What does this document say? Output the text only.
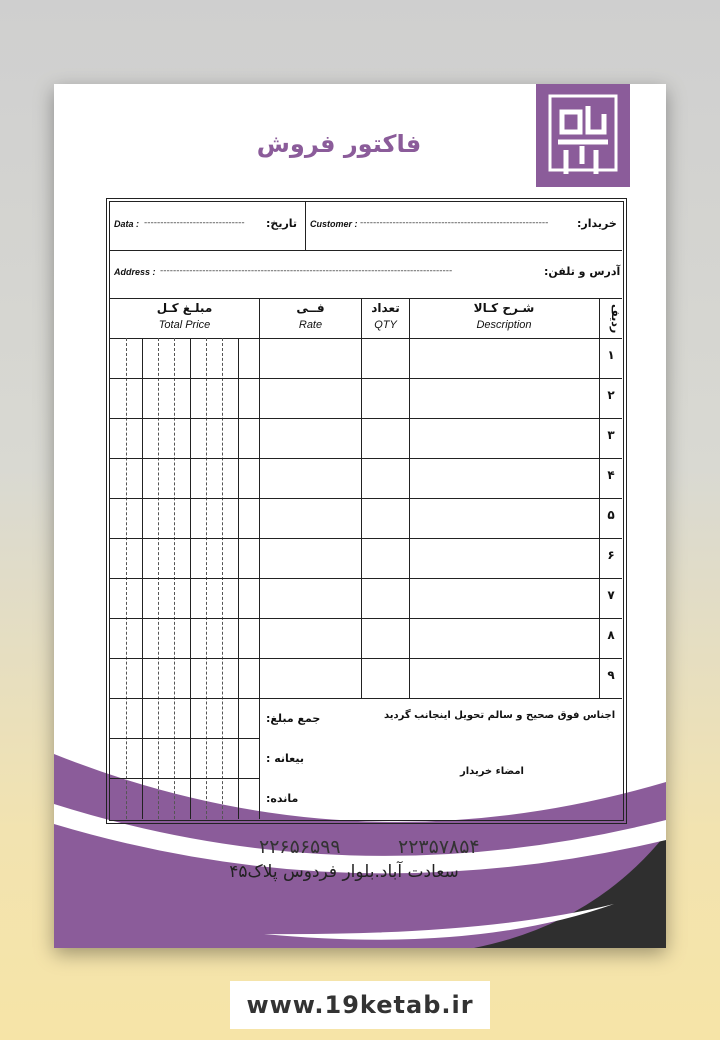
فاکتور فروش
خریدار:
Customer : ----------------------------------------------------------
تاریخ:
Data : -------------------------------
آدرس و تلفن:
Address : ------------------------------------------------------------------------------------------
ردیف
شـرح کـالا
Description
تعداد
QTY
فــی
Rate
مبلـغ کـل
Total Price
۱
۲
۳
۴
۵
۶
۷
۸
۹
اجناس فوق صحیح و سالم تحویل اینجانب گردید
امضاء خریدار
جمع مبلغ:
بیعانه :
مانده:
۲۲۶۵۶۵۹۹	۲۲۳۵۷۸۵۴
سعادت آباد.بلوار فردوس پلاک۴۵
www.19ketab.ir
